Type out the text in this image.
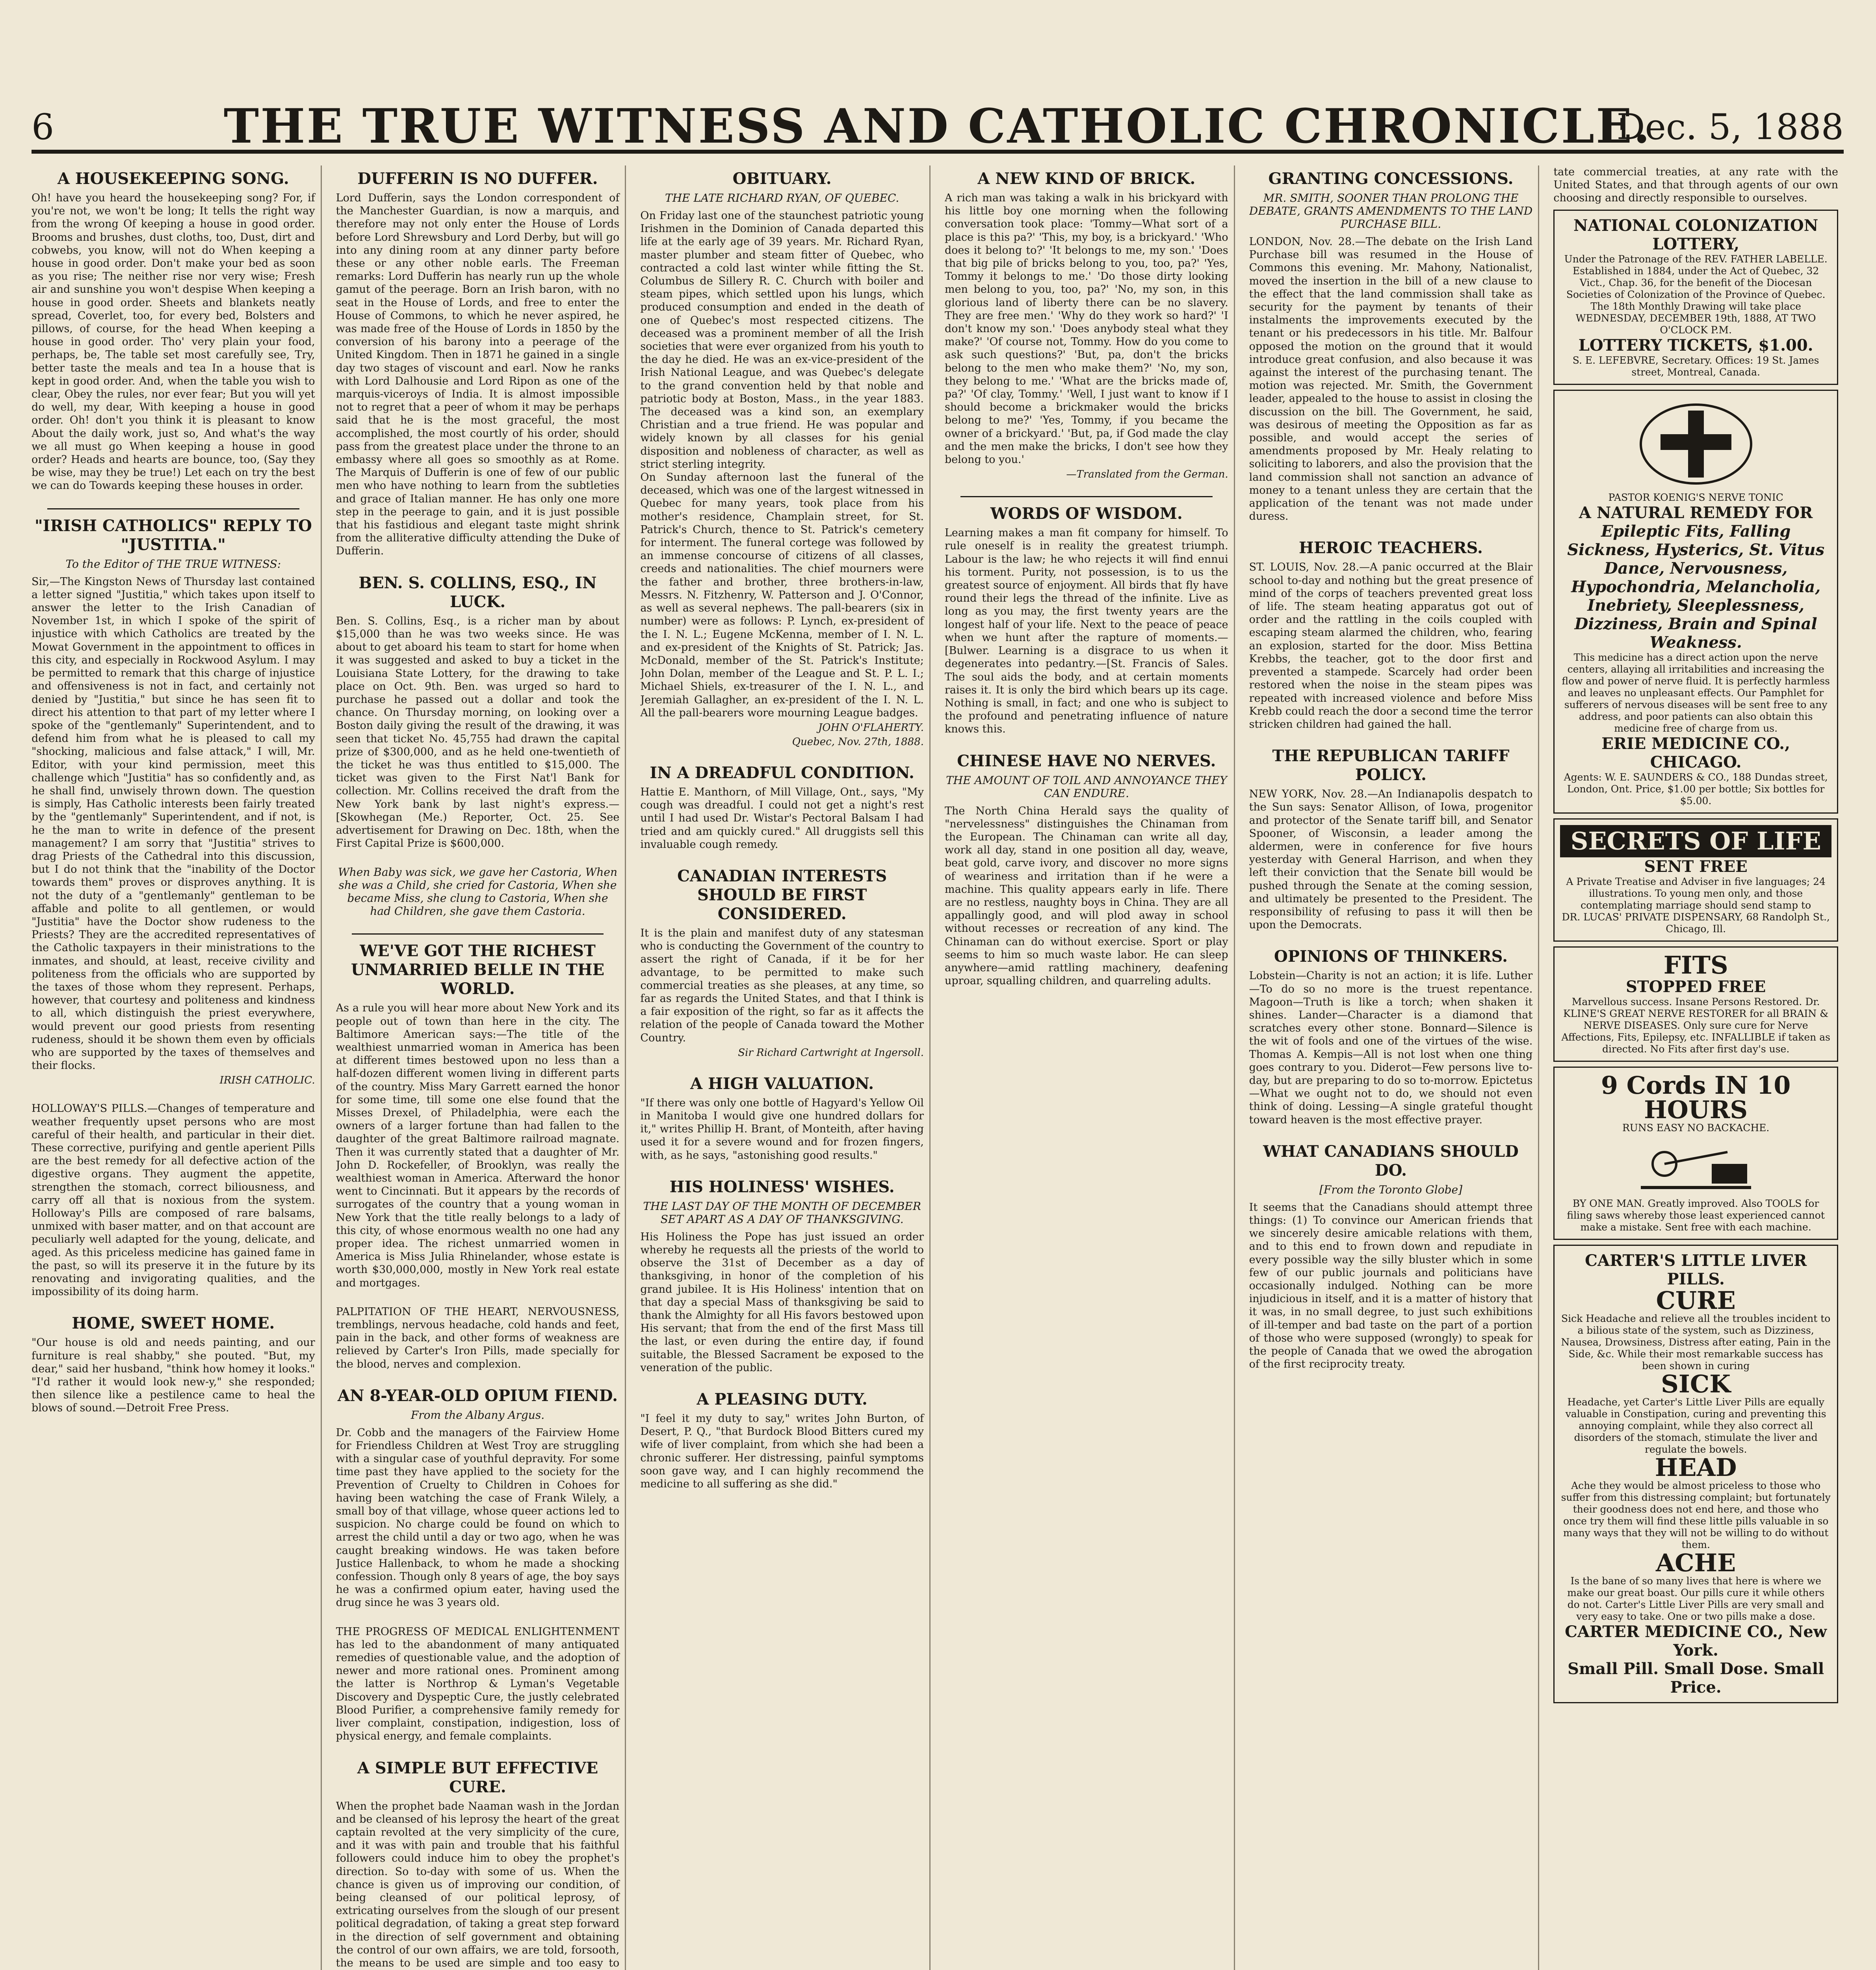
6	THE TRUE WITNESS AND CATHOLIC CHRONICLE.
Dec. 5, 1888
A HOUSEKEEPING SONG.
Oh! have you heard the housekeeping song? For, if you're not, we won't be long; It tells the right way from the wrong Of keeping a house in good order. Brooms and brushes, dust cloths, too, Dust, dirt and cobwebs, you know, will not do When keeping a house in good order. Don't make your bed as soon as you rise; The neither rise nor very wise; Fresh air and sunshine you won't despise When keeping a house in good order. Sheets and blankets neatly spread, Coverlet, too, for every bed, Bolsters and pillows, of course, for the head When keeping a house in good order. Tho' very plain your food, perhaps, be, The table set most carefully see, Try, better taste the meals and tea In a house that is kept in good order. And, when the table you wish to clear, Obey the rules, nor ever fear; But you will yet do well, my dear, With keeping a house in good order. Oh! don't you think it is pleasant to know About the daily work, just so, And what's the way we all must go When keeping a house in good order? Heads and hearts are bounce, too, (Say they be wise, may they be true!) Let each on try the best we can do Towards keeping these houses in order.
"IRISH CATHOLICS" REPLY TO "JUSTITIA."
To the Editor of THE TRUE WITNESS:
Sir,—The Kingston News of Thursday last contained a letter signed "Justitia," which takes upon itself to answer the letter to the Irish Canadian of November 1st, in which I spoke of the spirit of injustice with which Catholics are treated by the Mowat Government in the appointment to offices in this city, and especially in Rockwood Asylum. I may be permitted to remark that this charge of injustice and offensiveness is not in fact, and certainly not denied by "Justitia," but since he has seen fit to direct his attention to that part of my letter where I spoke of the "gentlemanly" Superintendent, and to defend him from what he is pleased to call my "shocking, malicious and false attack," I will, Mr. Editor, with your kind permission, meet this challenge which "Justitia" has so confidently and, as he shall find, unwisely thrown down. The question is simply, Has Catholic interests been fairly treated by the "gentlemanly" Superintendent, and if not, is he the man to write in defence of the present management? I am sorry that "Justitia" strives to drag Priests of the Cathedral into this discussion, but I do not think that the "inability of the Doctor towards them" proves or disproves anything. It is not the duty of a "gentlemanly" gentleman to be affable and polite to all gentlemen, or would "Justitia" have the Doctor show rudeness to the Priests? They are the accredited representatives of the Catholic taxpayers in their ministrations to the inmates, and should, at least, receive civility and politeness from the officials who are supported by the taxes of those whom they represent. Perhaps, however, that courtesy and politeness and kindness to all, which distinguish the priest everywhere, would prevent our good priests from resenting rudeness, should it be shown them even by officials who are supported by the taxes of themselves and their flocks.
IRISH CATHOLIC.
HOLLOWAY'S PILLS.—Changes of temperature and weather frequently upset persons who are most careful of their health, and particular in their diet. These corrective, purifying and gentle aperient Pills are the best remedy for all defective action of the digestive organs. They augment the appetite, strengthen the stomach, correct biliousness, and carry off all that is noxious from the system. Holloway's Pills are composed of rare balsams, unmixed with baser matter, and on that account are peculiarly well adapted for the young, delicate, and aged. As this priceless medicine has gained fame in the past, so will its preserve it in the future by its renovating and invigorating qualities, and the impossibility of its doing harm.
HOME, SWEET HOME.
"Our house is old and needs painting, and our furniture is real shabby," she pouted. "But, my dear," said her husband, "think how homey it looks." "I'd rather it would look new-y," she responded; then silence like a pestilence came to heal the blows of sound.—Detroit Free Press.
DUFFERIN IS NO DUFFER.
Lord Dufferin, says the London correspondent of the Manchester Guardian, is now a marquis, and therefore may not only enter the House of Lords before Lord Shrewsbury and Lord Derby, but will go into any dining room at any dinner party before these or any other noble earls. The Freeman remarks: Lord Dufferin has nearly run up the whole gamut of the peerage. Born an Irish baron, with no seat in the House of Lords, and free to enter the House of Commons, to which he never aspired, he was made free of the House of Lords in 1850 by the conversion of his barony into a peerage of the United Kingdom. Then in 1871 he gained in a single day two stages of viscount and earl. Now he ranks with Lord Dalhousie and Lord Ripon as one of the marquis-viceroys of India. It is almost impossible not to regret that a peer of whom it may be perhaps said that he is the most graceful, the most accomplished, the most courtly of his order, should pass from the greatest place under the throne to an embassy where all goes so smoothly as at Rome. The Marquis of Dufferin is one of few of our public men who have nothing to learn from the subtleties and grace of Italian manner. He has only one more step in the peerage to gain, and it is just possible that his fastidious and elegant taste might shrink from the alliterative difficulty attending the Duke of Dufferin.
BEN. S. COLLINS, ESQ., IN LUCK.
Ben. S. Collins, Esq., is a richer man by about $15,000 than he was two weeks since. He was about to get aboard his team to start for home when it was suggested and asked to buy a ticket in the Louisiana State Lottery, for the drawing to take place on Oct. 9th. Ben. was urged so hard to purchase he passed out a dollar and took the chance. On Thursday morning, on looking over a Boston daily giving the result of the drawing, it was seen that ticket No. 45,755 had drawn the capital prize of $300,000, and as he held one-twentieth of the ticket he was thus entitled to $15,000. The ticket was given to the First Nat'l Bank for collection. Mr. Collins received the draft from the New York bank by last night's express.—[Skowhegan (Me.) Reporter, Oct. 25. See advertisement for Drawing on Dec. 18th, when the First Capital Prize is $600,000.
When Baby was sick, we gave her Castoria, When she was a Child, she cried for Castoria, When she became Miss, she clung to Castoria, When she had Children, she gave them Castoria.
WE'VE GOT THE RICHEST UNMARRIED BELLE IN THE WORLD.
As a rule you will hear more about New York and its people out of town than here in the city. The Baltimore American says:—The title of the wealthiest unmarried woman in America has been at different times bestowed upon no less than a half-dozen different women living in different parts of the country. Miss Mary Garrett earned the honor for some time, till some one else found that the Misses Drexel, of Philadelphia, were each the owners of a larger fortune than had fallen to the daughter of the great Baltimore railroad magnate. Then it was currently stated that a daughter of Mr. John D. Rockefeller, of Brooklyn, was really the wealthiest woman in America. Afterward the honor went to Cincinnati. But it appears by the records of surrogates of the country that a young woman in New York that the title really belongs to a lady of this city, of whose enormous wealth no one had any proper idea. The richest unmarried women in America is Miss Julia Rhinelander, whose estate is worth $30,000,000, mostly in New York real estate and mortgages.
PALPITATION OF THE HEART, NERVOUSNESS, tremblings, nervous headache, cold hands and feet, pain in the back, and other forms of weakness are relieved by Carter's Iron Pills, made specially for the blood, nerves and complexion.
AN 8-YEAR-OLD OPIUM FIEND.
From the Albany Argus.
Dr. Cobb and the managers of the Fairview Home for Friendless Children at West Troy are struggling with a singular case of youthful depravity. For some time past they have applied to the society for the Prevention of Cruelty to Children in Cohoes for having been watching the case of Frank Wilely, a small boy of that village, whose queer actions led to suspicion. No charge could be found on which to arrest the child until a day or two ago, when he was caught breaking windows. He was taken before Justice Hallenback, to whom he made a shocking confession. Though only 8 years of age, the boy says he was a confirmed opium eater, having used the drug since he was 3 years old.
THE PROGRESS OF MEDICAL ENLIGHTENMENT has led to the abandonment of many antiquated remedies of questionable value, and the adoption of newer and more rational ones. Prominent among the latter is Northrop & Lyman's Vegetable Discovery and Dyspeptic Cure, the justly celebrated Blood Purifier, a comprehensive family remedy for liver complaint, constipation, indigestion, loss of physical energy, and female complaints.
A SIMPLE BUT EFFECTIVE CURE.
When the prophet bade Naaman wash in the Jordan and be cleansed of his leprosy the heart of the great captain revolted at the very simplicity of the cure, and it was with pain and trouble that his faithful followers could induce him to obey the prophet's direction. So to-day with some of us. When the chance is given us of improving our condition, of being cleansed of our political leprosy, of extricating ourselves from the slough of our present political degradation, of taking a great step forward in the direction of self government and obtaining the control of our own affairs, we are told, forsooth, the means to be used are simple and too easy to
OBITUARY.
THE LATE RICHARD RYAN, OF QUEBEC.
On Friday last one of the staunchest patriotic young Irishmen in the Dominion of Canada departed this life at the early age of 39 years. Mr. Richard Ryan, master plumber and steam fitter of Quebec, who contracted a cold last winter while fitting the St. Columbus de Sillery R. C. Church with boiler and steam pipes, which settled upon his lungs, which produced consumption and ended in the death of one of Quebec's most respected citizens. The deceased was a prominent member of all the Irish societies that were ever organized from his youth to the day he died. He was an ex-vice-president of the Irish National League, and was Quebec's delegate to the grand convention held by that noble and patriotic body at Boston, Mass., in the year 1883. The deceased was a kind son, an exemplary Christian and a true friend. He was popular and widely known by all classes for his genial disposition and nobleness of character, as well as strict sterling integrity.
On Sunday afternoon last the funeral of the deceased, which was one of the largest witnessed in Quebec for many years, took place from his mother's residence, Champlain street, for St. Patrick's Church, thence to St. Patrick's cemetery for interment. The funeral cortege was followed by an immense concourse of citizens of all classes, creeds and nationalities. The chief mourners were the father and brother, three brothers-in-law, Messrs. N. Fitzhenry, W. Patterson and J. O'Connor, as well as several nephews. The pall-bearers (six in number) were as follows: P. Lynch, ex-president of the I. N. L.; Eugene McKenna, member of I. N. L. and ex-president of the Knights of St. Patrick; Jas. McDonald, member of the St. Patrick's Institute; John Dolan, member of the League and St. P. L. I.; Michael Shiels, ex-treasurer of the I. N. L., and Jeremiah Gallagher, an ex-president of the I. N. L. All the pall-bearers wore mourning League badges.
JOHN O'FLAHERTY.
Quebec, Nov. 27th, 1888.
IN A DREADFUL CONDITION.
Hattie E. Manthorn, of Mill Village, Ont., says, "My cough was dreadful. I could not get a night's rest until I had used Dr. Wistar's Pectoral Balsam I had tried and am quickly cured." All druggists sell this invaluable cough remedy.
CANADIAN INTERESTS SHOULD BE FIRST CONSIDERED.
It is the plain and manifest duty of any statesman who is conducting the Government of the country to assert the right of Canada, if it be for her advantage, to be permitted to make such commercial treaties as she pleases, at any time, so far as regards the United States, and that I think is a fair exposition of the right, so far as it affects the relation of the people of Canada toward the Mother Country.
Sir Richard Cartwright at Ingersoll.
A HIGH VALUATION.
"If there was only one bottle of Hagyard's Yellow Oil in Manitoba I would give one hundred dollars for it," writes Phillip H. Brant, of Monteith, after having used it for a severe wound and for frozen fingers, with, as he says, "astonishing good results."
HIS HOLINESS' WISHES.
THE LAST DAY OF THE MONTH OF DECEMBER SET APART AS A DAY OF THANKSGIVING.
His Holiness the Pope has just issued an order whereby he requests all the priests of the world to observe the 31st of December as a day of thanksgiving, in honor of the completion of his grand jubilee. It is His Holiness' intention that on that day a special Mass of thanksgiving be said to thank the Almighty for all His favors bestowed upon His servant; that from the end of the first Mass till the last, or even during the entire day, if found suitable, the Blessed Sacrament be exposed to the veneration of the public.
A PLEASING DUTY.
"I feel it my duty to say," writes John Burton, of Desert, P. Q., "that Burdock Blood Bitters cured my wife of liver complaint, from which she had been a chronic sufferer. Her distressing, painful symptoms soon gave way, and I can highly recommend the medicine to all suffering as she did."
A NEW KIND OF BRICK.
A rich man was taking a walk in his brickyard with his little boy one morning when the following conversation took place: 'Tommy—What sort of a place is this pa?' 'This, my boy, is a brickyard.' 'Who does it belong to?' 'It belongs to me, my son.' 'Does that big pile of bricks belong to you, too, pa?' 'Yes, Tommy it belongs to me.' 'Do those dirty looking men belong to you, too, pa?' 'No, my son, in this glorious land of liberty there can be no slavery. They are free men.' 'Why do they work so hard?' 'I don't know my son.' 'Does anybody steal what they make?' 'Of course not, Tommy. How do you come to ask such questions?' 'But, pa, don't the bricks belong to the men who make them?' 'No, my son, they belong to me.' 'What are the bricks made of, pa?' 'Of clay, Tommy.' 'Well, I just want to know if I should become a brickmaker would the bricks belong to me?' 'Yes, Tommy, if you became the owner of a brickyard.' 'But, pa, if God made the clay and the men make the bricks, I don't see how they belong to you.'
—Translated from the German.
WORDS OF WISDOM.
Learning makes a man fit company for himself. To rule oneself is in reality the greatest triumph. Labour is the law; he who rejects it will find ennui his torment. Purity, not possession, is to us the greatest source of enjoyment. All birds that fly have round their legs the thread of the infinite. Live as long as you may, the first twenty years are the longest half of your life. Next to the peace of peace when we hunt after the rapture of moments.—[Bulwer. Learning is a disgrace to us when it degenerates into pedantry.—[St. Francis of Sales. The soul aids the body, and at certain moments raises it. It is only the bird which bears up its cage. Nothing is small, in fact; and one who is subject to the profound and penetrating influence of nature knows this.
CHINESE HAVE NO NERVES.
THE AMOUNT OF TOIL AND ANNOYANCE THEY CAN ENDURE.
The North China Herald says the quality of "nervelessness" distinguishes the Chinaman from the European. The Chinaman can write all day, work all day, stand in one position all day, weave, beat gold, carve ivory, and discover no more signs of weariness and irritation than if he were a machine. This quality appears early in life. There are no restless, naughty boys in China. They are all appallingly good, and will plod away in school without recesses or recreation of any kind. The Chinaman can do without exercise. Sport or play seems to him so much waste labor. He can sleep anywhere—amid rattling machinery, deafening uproar, squalling children, and quarreling adults.
GRANTING CONCESSIONS.
MR. SMITH, SOONER THAN PROLONG THE DEBATE, GRANTS AMENDMENTS TO THE LAND PURCHASE BILL.
LONDON, Nov. 28.—The debate on the Irish Land Purchase bill was resumed in the House of Commons this evening. Mr. Mahony, Nationalist, moved the insertion in the bill of a new clause to the effect that the land commission shall take as security for the payment by tenants of their instalments the improvements executed by the tenant or his predecessors in his title. Mr. Balfour opposed the motion on the ground that it would introduce great confusion, and also because it was against the interest of the purchasing tenant. The motion was rejected. Mr. Smith, the Government leader, appealed to the house to assist in closing the discussion on the bill. The Government, he said, was desirous of meeting the Opposition as far as possible, and would accept the series of amendments proposed by Mr. Healy relating to soliciting to laborers, and also the provision that the land commission shall not sanction an advance of money to a tenant unless they are certain that the application of the tenant was not made under duress.
HEROIC TEACHERS.
ST. LOUIS, Nov. 28.—A panic occurred at the Blair school to-day and nothing but the great presence of mind of the corps of teachers prevented great loss of life. The steam heating apparatus got out of order and the rattling in the coils coupled with escaping steam alarmed the children, who, fearing an explosion, started for the door. Miss Bettina Krebbs, the teacher, got to the door first and prevented a stampede. Scarcely had order been restored when the noise in the steam pipes was repeated with increased violence and before Miss Krebb could reach the door a second time the terror stricken children had gained the hall.
THE REPUBLICAN TARIFF POLICY.
NEW YORK, Nov. 28.—An Indianapolis despatch to the Sun says: Senator Allison, of Iowa, progenitor and protector of the Senate tariff bill, and Senator Spooner, of Wisconsin, a leader among the aldermen, were in conference for five hours yesterday with General Harrison, and when they left their conviction that the Senate bill would be pushed through the Senate at the coming session, and ultimately be presented to the President. The responsibility of refusing to pass it will then be upon the Democrats.
OPINIONS OF THINKERS.
Lobstein—Charity is not an action; it is life. Luther—To do so no more is the truest repentance. Magoon—Truth is like a torch; when shaken it shines. Lander—Character is a diamond that scratches every other stone. Bonnard—Silence is the wit of fools and one of the virtues of the wise. Thomas A. Kempis—All is not lost when one thing goes contrary to you. Diderot—Few persons live to-day, but are preparing to do so to-morrow. Epictetus—What we ought not to do, we should not even think of doing. Lessing—A single grateful thought toward heaven is the most effective prayer.
WHAT CANADIANS SHOULD DO.
[From the Toronto Globe]
It seems that the Canadians should attempt three things: (1) To convince our American friends that we sincerely desire amicable relations with them, and to this end to frown down and repudiate in every possible way the silly bluster which in some few of our public journals and politicians have occasionally indulged. Nothing can be more injudicious in itself, and it is a matter of history that it was, in no small degree, to just such exhibitions of ill-temper and bad taste on the part of a portion of those who were supposed (wrongly) to speak for the people of Canada that we owed the abrogation of the first reciprocity treaty.
tate commercial treaties, at any rate with the United States, and that through agents of our own choosing and directly responsible to ourselves.
NATIONAL COLONIZATION LOTTERY,
Under the Patronage of the REV. FATHER LABELLE.
Established in 1884, under the Act of Quebec, 32 Vict., Chap. 36, for the benefit of the Diocesan Societies of Colonization of the Province of Quebec. The 18th Monthly Drawing will take place WEDNESDAY, DECEMBER 19th, 1888, AT TWO O'CLOCK P.M.
LOTTERY TICKETS, $1.00.
S. E. LEFEBVRE, Secretary. Offices: 19 St. James street, Montreal, Canada.
PASTOR KOENIG'S NERVE TONIC
A NATURAL REMEDY FOR
Epileptic Fits, Falling Sickness, Hysterics, St. Vitus Dance, Nervousness, Hypochondria, Melancholia, Inebriety, Sleeplessness, Dizziness, Brain and Spinal Weakness.
This medicine has a direct action upon the nerve centers, allaying all irritabilities and increasing the flow and power of nerve fluid. It is perfectly harmless and leaves no unpleasant effects. Our Pamphlet for sufferers of nervous diseases will be sent free to any address, and poor patients can also obtain this medicine free of charge from us.
ERIE MEDICINE CO., CHICAGO.
Agents: W. E. SAUNDERS & CO., 188 Dundas street, London, Ont. Price, $1.00 per bottle; Six bottles for $5.00.
SECRETS OF LIFE
SENT FREE
A Private Treatise and Adviser in five languages; 24 illustrations. To young men only, and those contemplating marriage should send stamp to
DR. LUCAS' PRIVATE DISPENSARY, 68 Randolph St., Chicago, Ill.
FITS
STOPPED FREE
Marvellous success. Insane Persons Restored. Dr. KLINE'S GREAT NERVE RESTORER for all BRAIN & NERVE DISEASES. Only sure cure for Nerve Affections, Fits, Epilepsy, etc. INFALLIBLE if taken as directed. No Fits after first day's use.
9 Cords IN 10 HOURS
RUNS EASY NO BACKACHE.
BY ONE MAN. Greatly improved. Also TOOLS for filing saws whereby those least experienced cannot make a mistake. Sent free with each machine.
CARTER'S LITTLE LIVER PILLS.
CURE
Sick Headache and relieve all the troubles incident to a bilious state of the system, such as Dizziness, Nausea, Drowsiness, Distress after eating, Pain in the Side, &c. While their most remarkable success has been shown in curing
SICK
Headache, yet Carter's Little Liver Pills are equally valuable in Constipation, curing and preventing this annoying complaint, while they also correct all disorders of the stomach, stimulate the liver and regulate the bowels.
HEAD
Ache they would be almost priceless to those who suffer from this distressing complaint; but fortunately their goodness does not end here, and those who once try them will find these little pills valuable in so many ways that they will not be willing to do without them.
ACHE
Is the bane of so many lives that here is where we make our great boast. Our pills cure it while others do not. Carter's Little Liver Pills are very small and very easy to take. One or two pills make a dose.
CARTER MEDICINE CO., New York.
Small Pill. Small Dose. Small Price.
